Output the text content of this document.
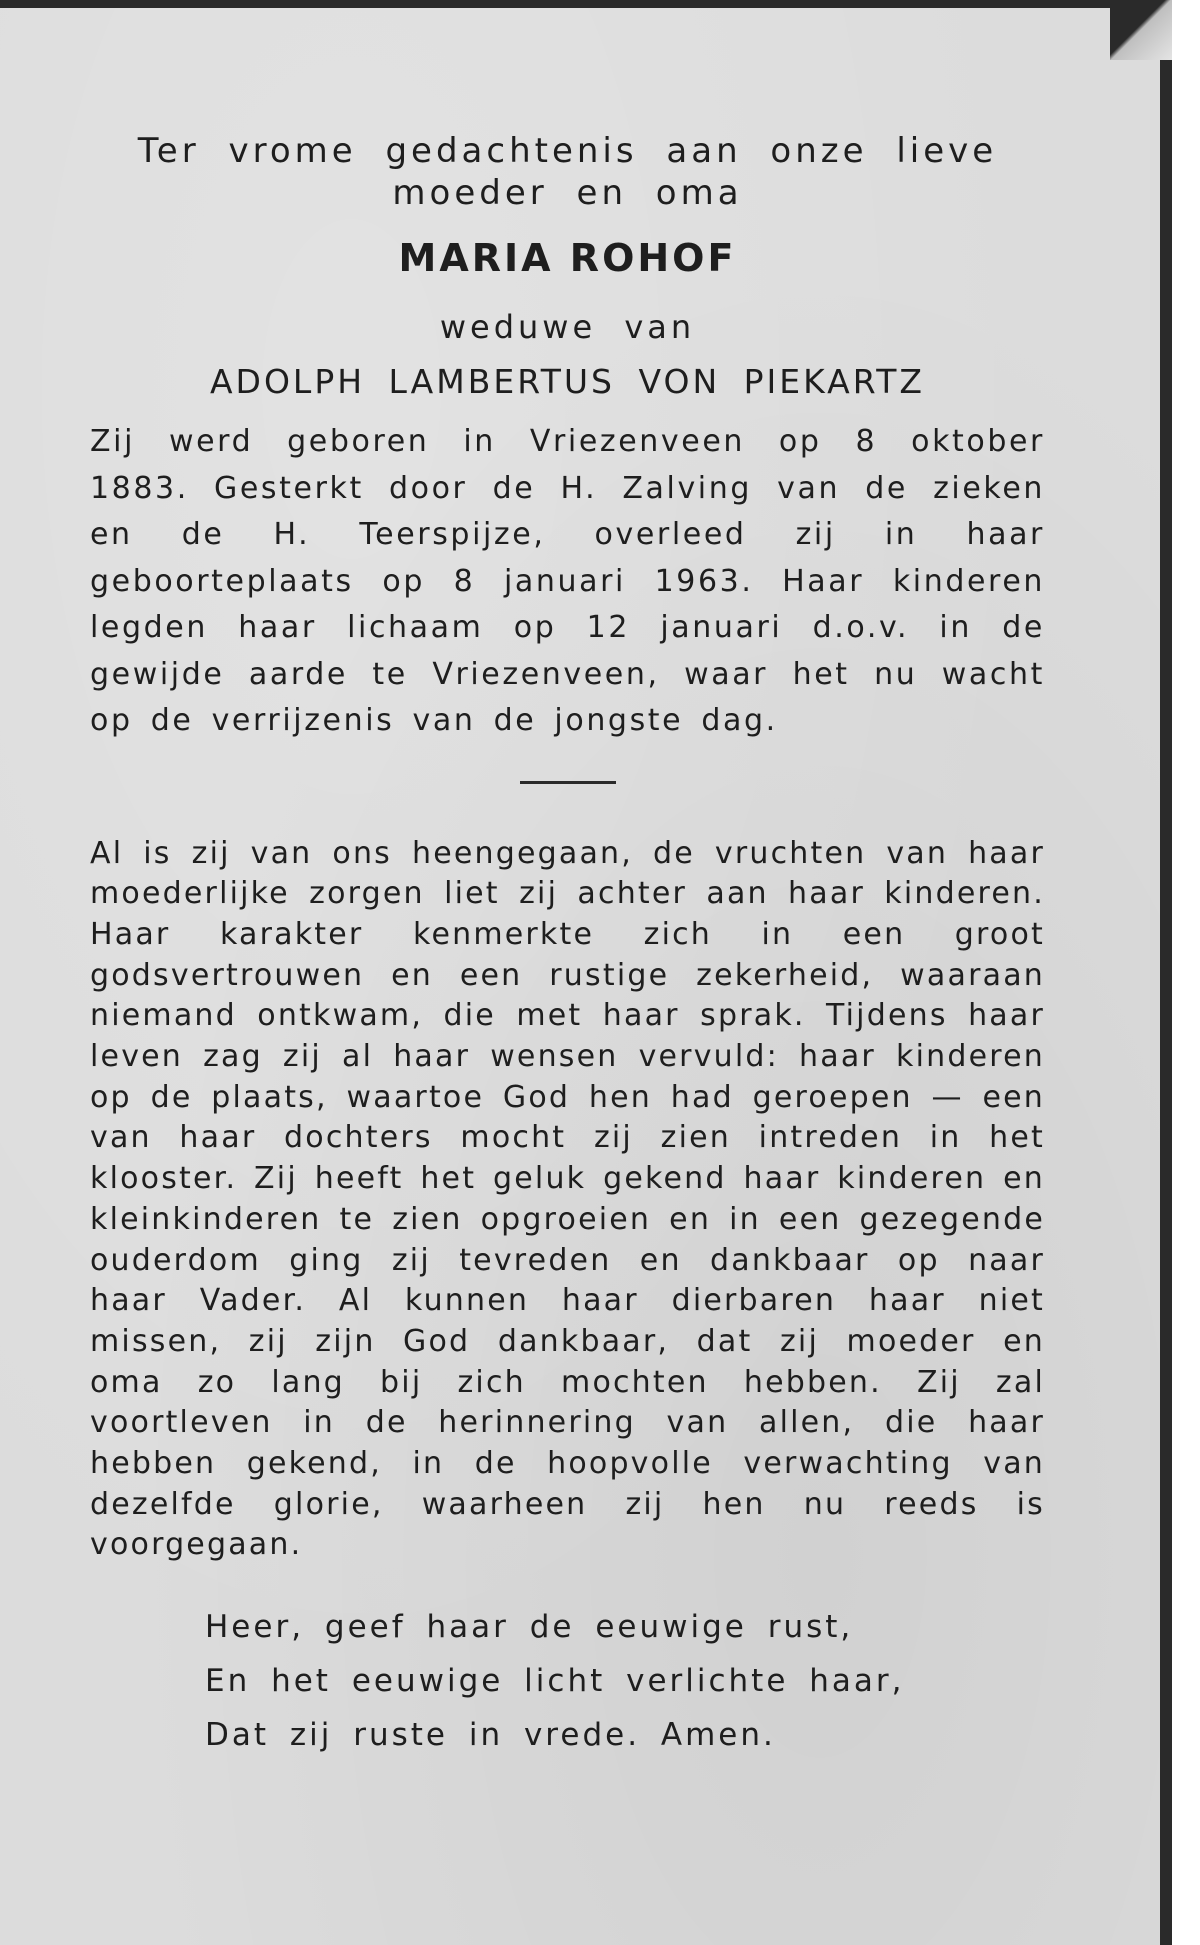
Ter vrome gedachtenis aan onze lieve moeder en oma

MARIA ROHOF

weduwe van

ADOLPH LAMBERTUS VON PIEKARTZ

Zij werd geboren in Vriezenveen op 8 oktober 1883. Gesterkt door de H. Zalving van de zieken en de H. Teerspijze, overleed zij in haar geboorteplaats op 8 januari 1963. Haar kinderen legden haar lichaam op 12 januari d.o.v. in de gewijde aarde te Vriezenveen, waar het nu wacht op de verrijzenis van de jongste dag.

Al is zij van ons heengegaan, de vruchten van haar moederlijke zorgen liet zij achter aan haar kinderen. Haar karakter kenmerkte zich in een groot godsvertrouwen en een rustige zekerheid, waaraan niemand ontkwam, die met haar sprak. Tijdens haar leven zag zij al haar wensen vervuld: haar kinderen op de plaats, waartoe God hen had geroepen — een van haar dochters mocht zij zien intreden in het klooster. Zij heeft het geluk gekend haar kinderen en kleinkinderen te zien opgroeien en in een gezegende ouderdom ging zij tevreden en dankbaar op naar haar Vader. Al kunnen haar dierbaren haar niet missen, zij zijn God dankbaar, dat zij moeder en oma zo lang bij zich mochten hebben. Zij zal voortleven in de herinnering van allen, die haar hebben gekend, in de hoopvolle verwachting van dezelfde glorie, waarheen zij hen nu reeds is voorgegaan.

Heer, geef haar de eeuwige rust,
En het eeuwige licht verlichte haar,
Dat zij ruste in vrede. Amen.
